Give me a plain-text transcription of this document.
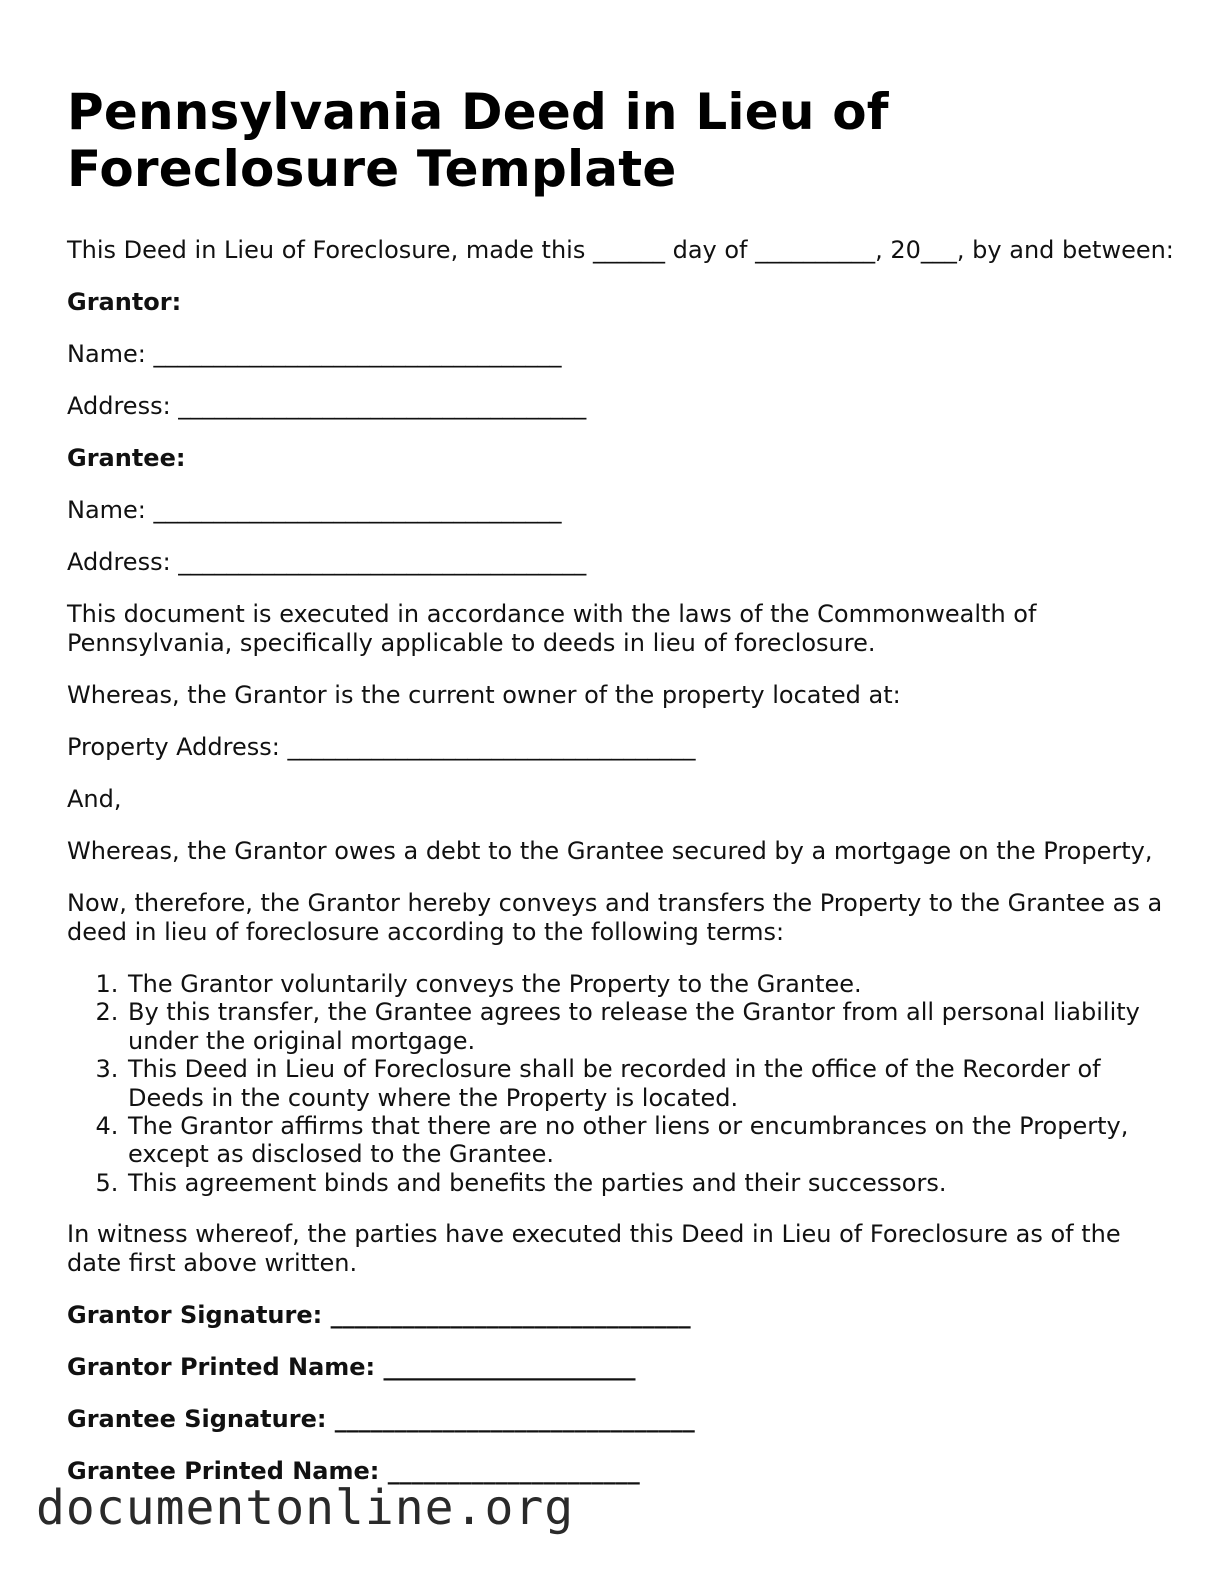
Pennsylvania Deed in Lieu of Foreclosure Template

This Deed in Lieu of Foreclosure, made this ______ day of __________, 20___, by and between:

Grantor:

Name: __________________________________

Address: __________________________________

Grantee:

Name: __________________________________

Address: __________________________________

This document is executed in accordance with the laws of the Commonwealth of Pennsylvania, specifically applicable to deeds in lieu of foreclosure.

Whereas, the Grantor is the current owner of the property located at:

Property Address: __________________________________

And,

Whereas, the Grantor owes a debt to the Grantee secured by a mortgage on the Property,

Now, therefore, the Grantor hereby conveys and transfers the Property to the Grantee as a deed in lieu of foreclosure according to the following terms:

1. The Grantor voluntarily conveys the Property to the Grantee.
2. By this transfer, the Grantee agrees to release the Grantor from all personal liability under the original mortgage.
3. This Deed in Lieu of Foreclosure shall be recorded in the office of the Recorder of Deeds in the county where the Property is located.
4. The Grantor affirms that there are no other liens or encumbrances on the Property, except as disclosed to the Grantee.
5. This agreement binds and benefits the parties and their successors.

In witness whereof, the parties have executed this Deed in Lieu of Foreclosure as of the date first above written.

Grantor Signature: ______________________________

Grantor Printed Name: _____________________

Grantee Signature: ______________________________

Grantee Printed Name: _____________________

documentonline.org
